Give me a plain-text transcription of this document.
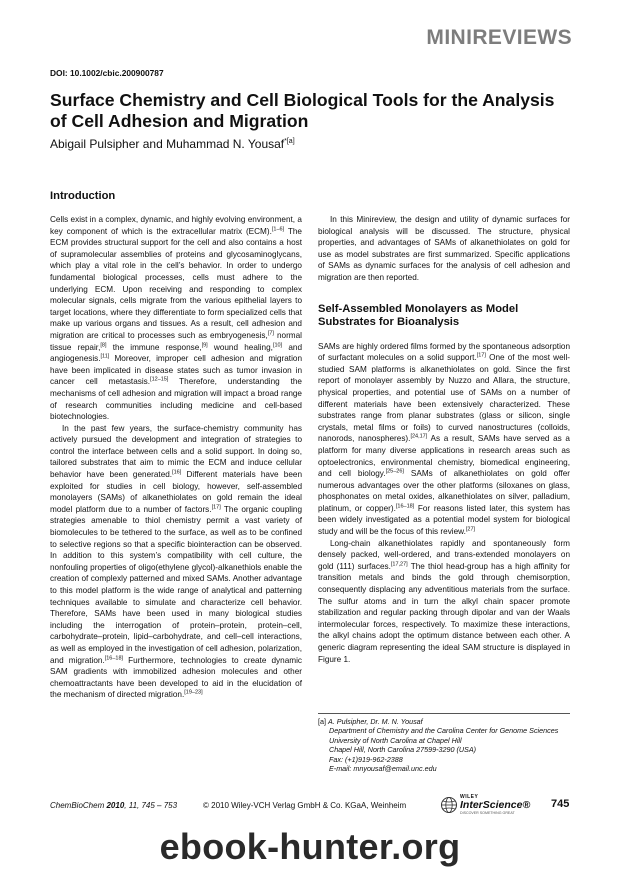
MINIREVIEWS
DOI: 10.1002/cbic.200900787
Surface Chemistry and Cell Biological Tools for the Analysis of Cell Adhesion and Migration
Abigail Pulsipher and Muhammad N. Yousaf$^{*[a]}$
Introduction

Cells exist in a complex, dynamic, and highly evolving environment, a key component of which is the extracellular matrix (ECM).[1–6] The ECM provides structural support for the cell and also contains a host of supramolecular assemblies of proteins and glycosaminoglycans, which play a vital role in the cell’s behavior. In order to undergo fundamental biological processes, cells must adhere to the underlying ECM. Upon receiving and responding to complex molecular signals, cells migrate from the various epithelial layers to target locations, where they differentiate to form specialized cells that make up various organs and tissues. As a result, cell adhesion and migration are critical to processes such as embryogenesis,[7] normal tissue repair,[8] the immune response,[9] wound healing,[10] and angiogenesis.[11] Moreover, improper cell adhesion and migration have been implicated in disease states such as tumor invasion in cancer cell metastasis.[12–15] Therefore, understanding the mechanisms of cell adhesion and migration will impact a broad range of research communities including medicine and cell-based biotechnologies.

In the past few years, the surface-chemistry community has actively pursued the development and integration of strategies to control the interface between cells and a solid support. In doing so, tailored substrates that aim to mimic the ECM and induce cellular behavior have been generated.[16] Different materials have been exploited for studies in cell biology, however, self-assembled monolayers (SAMs) of alkanethiolates on gold remain the ideal model platform due to a number of factors.[17] The organic coupling strategies amenable to thiol chemistry permit a vast variety of biomolecules to be tethered to the surface, as well as to be confined to selective regions so that a specific biointeraction can be observed. In addition to this system’s compatibility with cell culture, the nonfouling properties of oligo(ethylene glycol)-alkanethiols enable the creation of complexly patterned and mixed SAMs. Another advantage to this model platform is the wide range of analytical and patterning techniques available to simulate and characterize cell behavior. Therefore, SAMs have been used in many biological studies including the interrogation of protein–protein, protein–cell, carbohydrate–protein, lipid–carbohydrate, and cell–cell interactions, as well as employed in the investigation of cell adhesion, polarization, and migration.[16–18] Furthermore, technologies to create dynamic SAM gradients with immobilized adhesion molecules and other chemoattractants have been developed to aid in the elucidation of the mechanism of directed migration.[19–23]

In this Minireview, the design and utility of dynamic surfaces for biological analysis will be discussed. The structure, physical properties, and advantages of SAMs of alkanethiolates on gold for use as model substrates are first summarized. Specific applications of SAMs as dynamic surfaces for the analysis of cell adhesion and migration are then reported.

Self-Assembled Monolayers as Model Substrates for Bioanalysis

SAMs are highly ordered films formed by the spontaneous adsorption of surfactant molecules on a solid support.[17] One of the most well-studied SAM platforms is alkanethiolates on gold. Since the first report of monolayer assembly by Nuzzo and Allara, the structure, physical properties, and potential use of SAMs on a number of different materials have been extensively characterized. These substrates range from planar substrates (glass or silicon, single crystals, metal films or foils) to curved nanostructures (colloids, nanorods, nanospheres).[24,17] As a result, SAMs have served as a platform for many diverse applications in research areas such as optoelectronics, environmental chemistry, biomedical engineering, and cell biology.[25–26] SAMs of alkanethiolates on gold offer numerous advantages over the other platforms (siloxanes on glass, phosphonates on metal oxides, alkanethiolates on silver, palladium, platinum, or copper).[16–18] For reasons listed later, this system has been widely investigated as a potential model system for biological study and will be the focus of this review.[27]

Long-chain alkanethiolates rapidly and spontaneously form densely packed, well-ordered, and trans-extended monolayers on gold (111) surfaces.[17,27] The thiol head-group has a high affinity for transition metals and binds the gold through chemisorption, consequently displacing any adventitious materials from the surface. The sulfur atoms and in turn the alkyl chain spacer promote stabilization and regular packing through dipolar and van der Waals intermolecular forces, respectively. To maximize these interactions, the alkyl chains adopt the optimum distance between each other. A generic diagram representing the ideal SAM structure is displayed in Figure 1.

[a] A. Pulsipher, Dr. M. N. Yousaf
Department of Chemistry and the Carolina Center for Genome Sciences
University of North Carolina at Chapel Hill
Chapel Hill, North Carolina 27599-3290 (USA)
Fax: (+1)919-962-2388
E-mail: mnyousaf@email.unc.edu
ChemBioChem 2010, 11, 745 – 753	© 2010 Wiley-VCH Verlag GmbH & Co. KGaA, Weinheim
WILEY
InterScience®
DISCOVER SOMETHING GREAT
745
ebook-hunter.org
